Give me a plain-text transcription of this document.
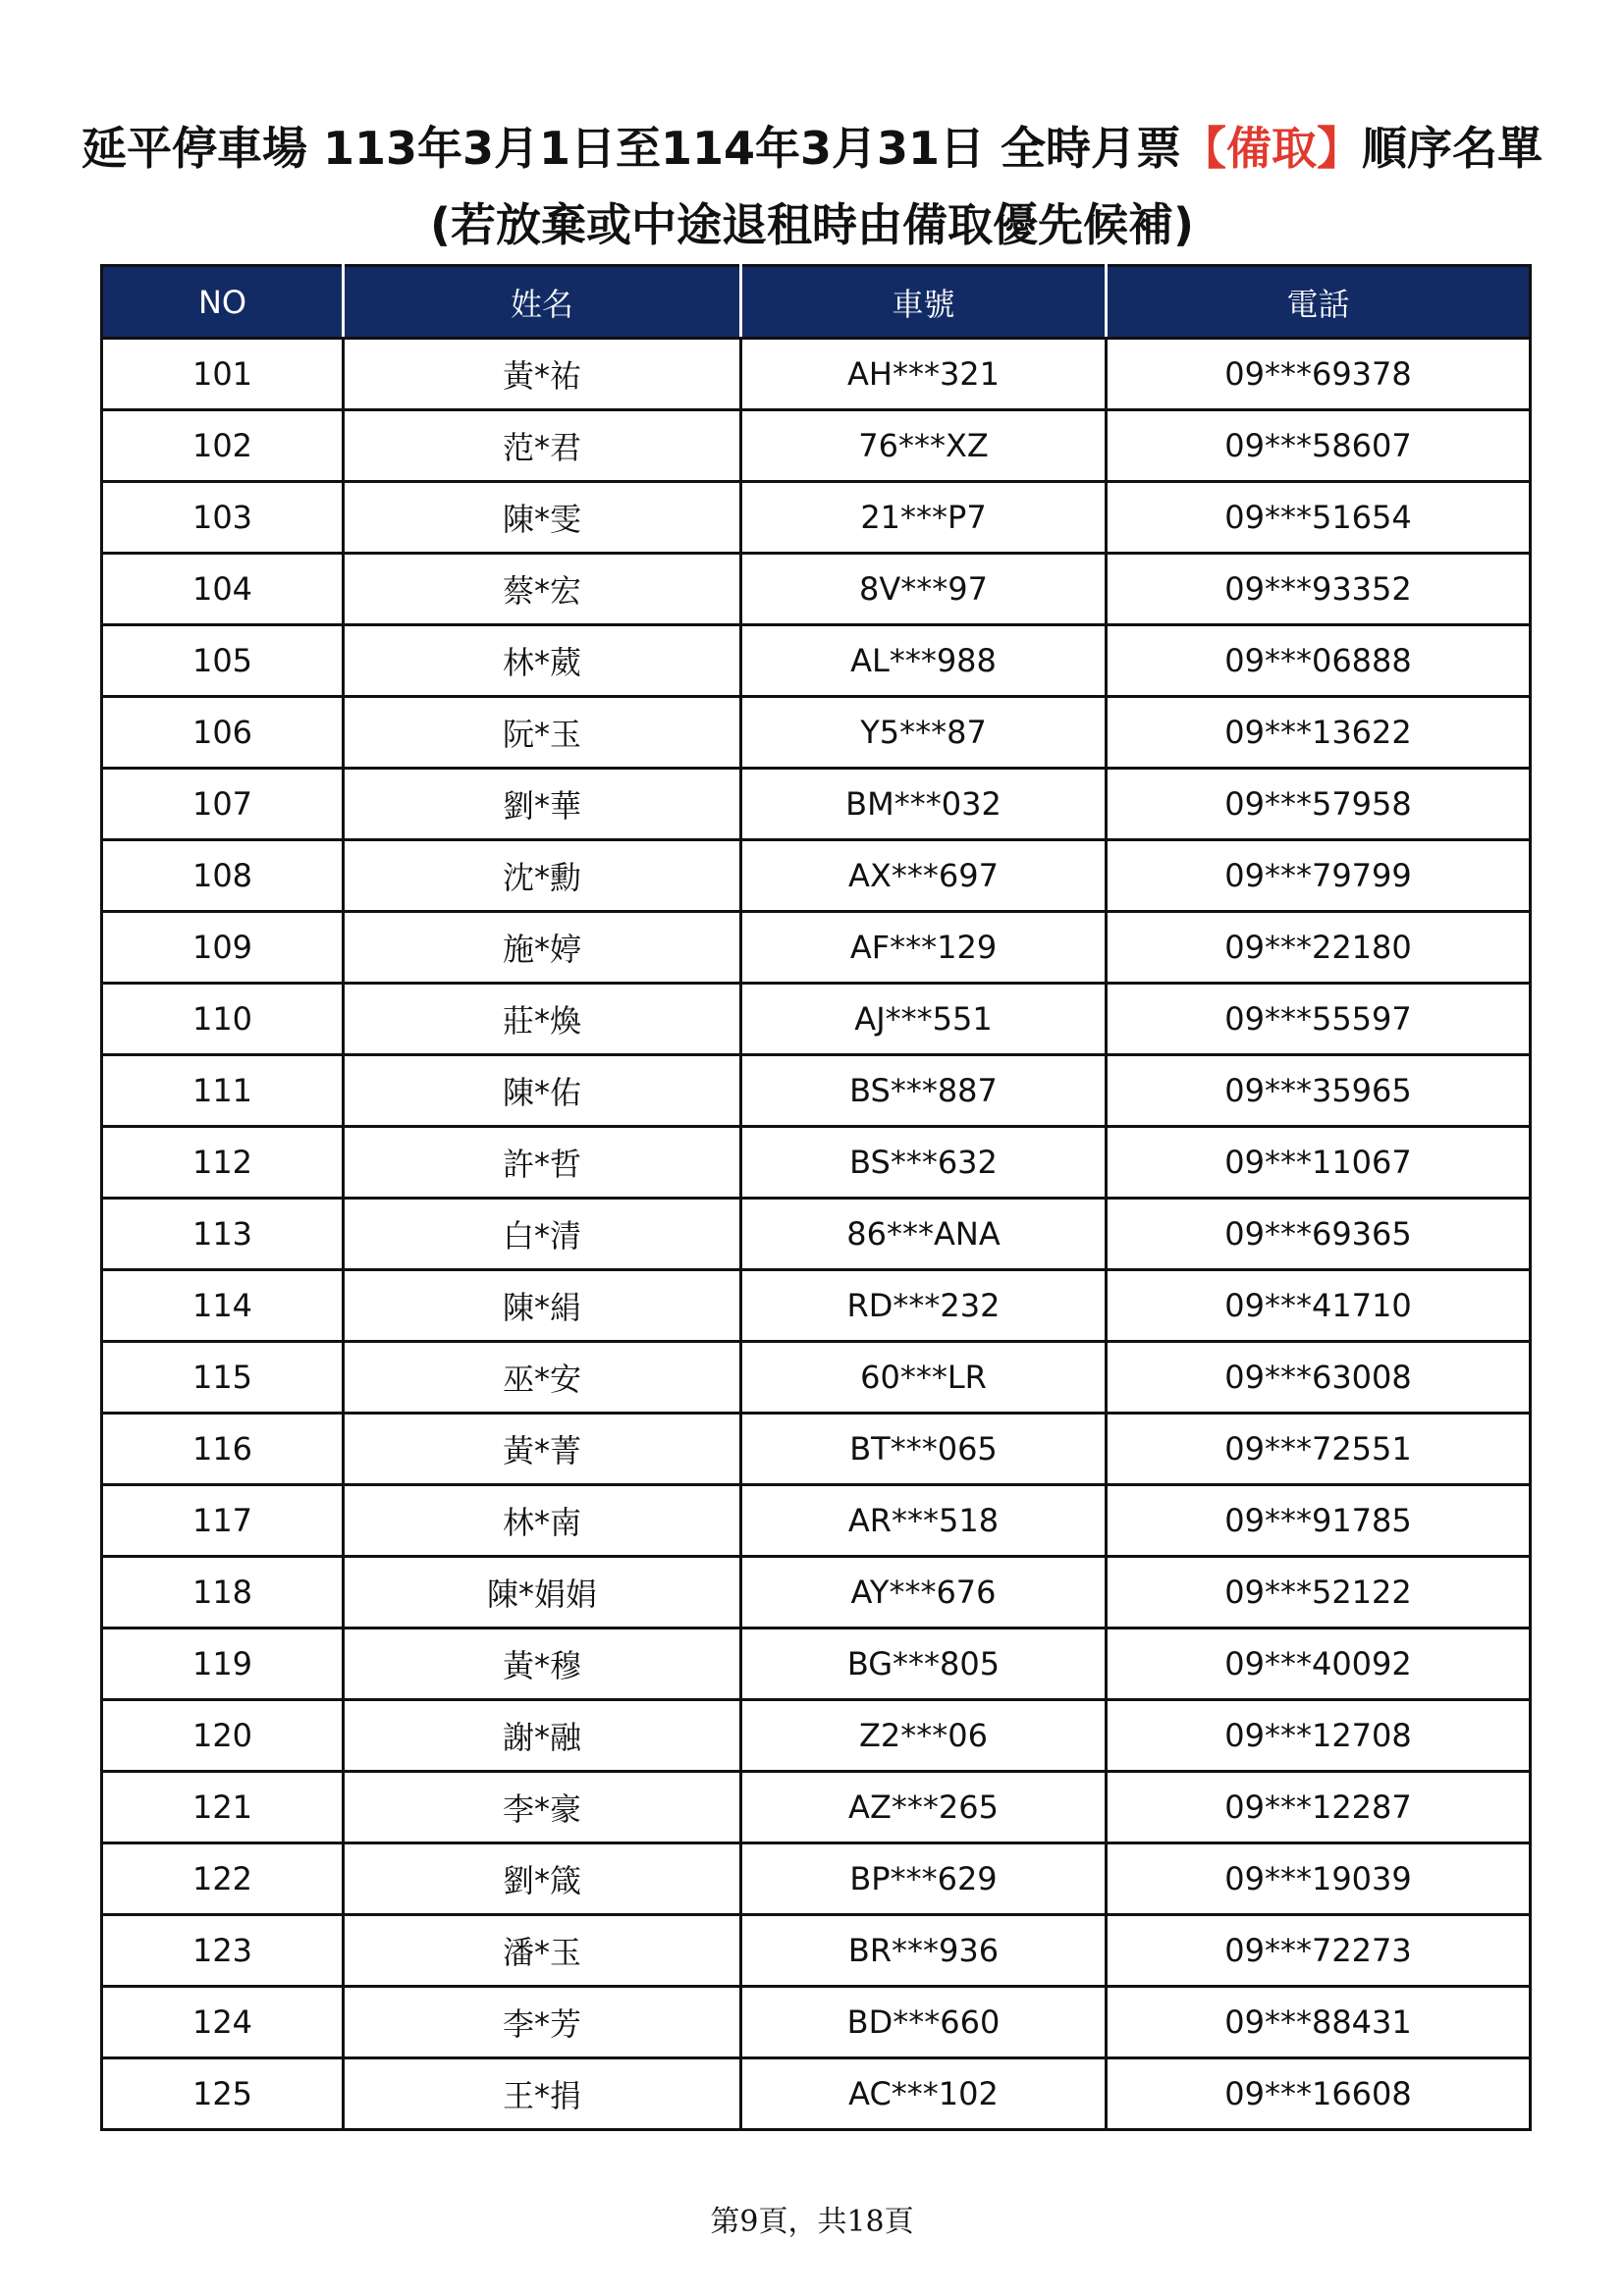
延平停車場 113年3月1日至114年3月31日 全時月票【備取】順序名單
(若放棄或中途退租時由備取優先候補)
NO	姓名	車號	電話
101	黃*祐	AH***321	09***69378
102	范*君	76***XZ	09***58607
103	陳*雯	21***P7	09***51654
104	蔡*宏	8V***97	09***93352
105	林*葳	AL***988	09***06888
106	阮*玉	Y5***87	09***13622
107	劉*華	BM***032	09***57958
108	沈*勳	AX***697	09***79799
109	施*婷	AF***129	09***22180
110	莊*煥	AJ***551	09***55597
111	陳*佑	BS***887	09***35965
112	許*哲	BS***632	09***11067
113	白*清	86***ANA	09***69365
114	陳*絹	RD***232	09***41710
115	巫*安	60***LR	09***63008
116	黃*菁	BT***065	09***72551
117	林*南	AR***518	09***91785
118	陳*娟娟	AY***676	09***52122
119	黃*穆	BG***805	09***40092
120	謝*融	Z2***06	09***12708
121	李*豪	AZ***265	09***12287
122	劉*箴	BP***629	09***19039
123	潘*玉	BR***936	09***72273
124	李*芳	BD***660	09***88431
125	王*捐	AC***102	09***16608
第9頁，共18頁
